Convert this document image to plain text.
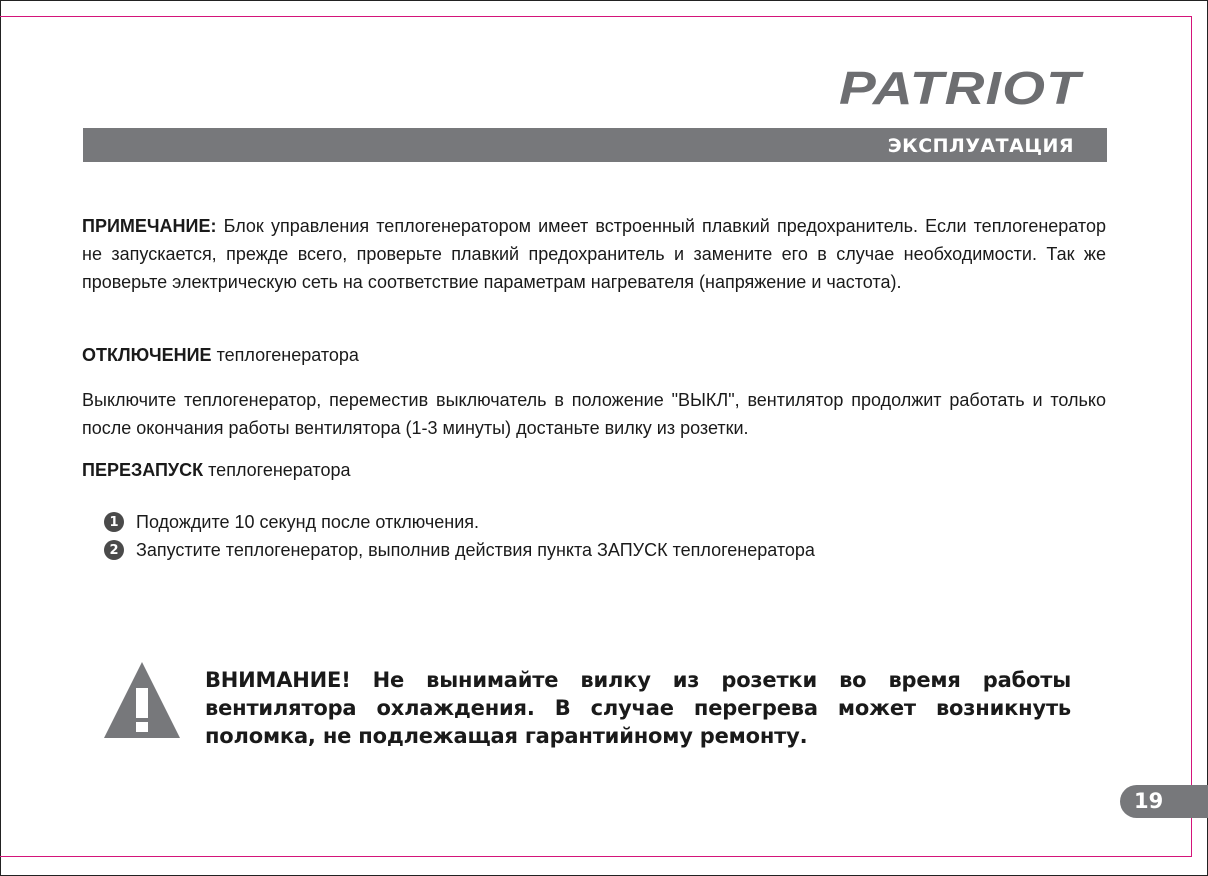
PATRIOT
ЭКСПЛУАТАЦИЯ
ПРИМЕЧАНИЕ: Блок управления теплогенератором имеет встроенный плавкий предохранитель. Если теплогенератор не запускается, прежде всего, проверьте плавкий предохранитель и замените его в случае необходимости. Так же проверьте электрическую сеть на соответствие параметрам нагревателя (напряжение и частота).
ОТКЛЮЧЕНИЕ теплогенератора
Выключите теплогенератор, переместив выключатель в положение "ВЫКЛ", вентилятор продолжит работать и только после окончания работы вентилятора (1-3 минуты) достаньте вилку из розетки.
ПЕРЕЗАПУСК теплогенератора
1 Подождите 10 секунд после отключения.
2 Запустите теплогенератор, выполнив действия пункта ЗАПУСК теплогенератора
ВНИМАНИЕ! Не вынимайте вилку из розетки во время работы вентилятора охлаждения. В случае перегрева может возникнуть поломка, не подлежащая гарантийному ремонту.
19
